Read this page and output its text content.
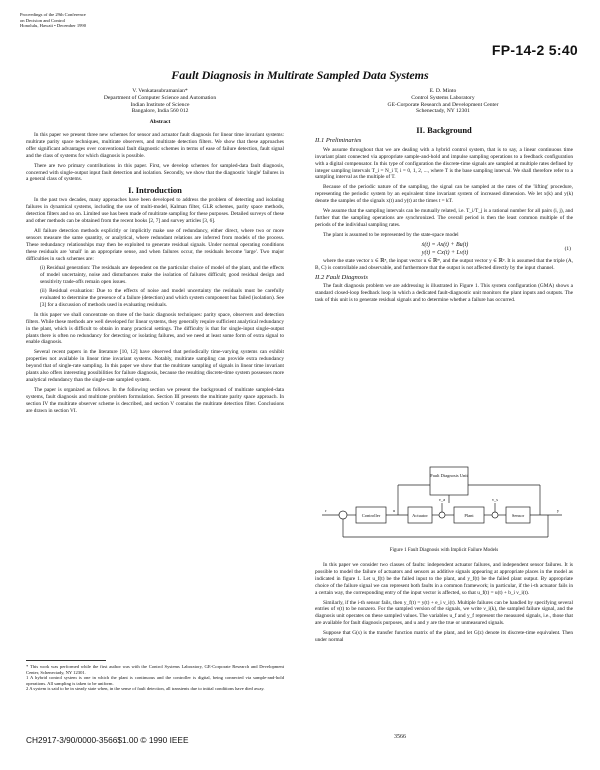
Proceedings of the 29th Conference
on Decision and Control
Honolulu, Hawaii • December 1990
FP-14-2 5:40
Fault Diagnosis in Multirate Sampled Data Systems
V. Venkatasubramanian*
Department of Computer Science and Automation
Indian Institute of Science
Bangalore, India 560 012
E. D. Minto
Control Systems Laboratory
GE-Corporate Research and Development Center
Schenectady, NY 12301
Abstract

In this paper we present three new schemes for sensor and actuator fault diagnosis for linear time invariant systems: multirate parity space techniques, multirate observers, and multirate detection filters. We show that these approaches offer significant advantages over conventional fault diagnostic schemes in terms of ease of failure detection, fault signal and the class of systems for which diagnosis is possible.

There are two primary contributions in this paper. First, we develop schemes for sampled-data fault diagnosis, concerned with single-output input fault detection and isolation. Secondly, we show that the diagnostic 'single' failures in a general class of systems.

I. Introduction

In the past two decades, many approaches have been developed to address the problem of detecting and isolating failures in dynamical systems, including the use of multi-model, Kalman filter, GLR schemes, parity space methods, detection filters and so on. Limited use has been made of multirate sampling for these purposes. Detailed surveys of these and other methods can be obtained from the recent books [2, 7] and survey articles [3, 6].

All failure detection methods explicitly or implicitly make use of redundancy, either direct, where two or more sensors measure the same quantity, or analytical, where redundant relations are inferred from models of the process. These redundancy relationships may then be exploited to generate residual signals. Under normal operating conditions these residuals are 'small' in an appropriate sense, and when failures occur, the residuals become 'large'. Two major difficulties in such schemes are:

(i) Residual generation: The residuals are dependent on the particular choice of model of the plant, and the effects of model uncertainty, noise and disturbances make the isolation of failures difficult; good residual design and sensitivity trade-offs remain open issues.
(ii) Residual evaluation: Due to the effects of noise and model uncertainty the residuals must be carefully evaluated to determine the presence of a failure (detection) and which system component has failed (isolation). See [3] for a discussion of methods used in evaluating residuals.

In this paper we shall concentrate on three of the basic diagnosis techniques: parity space, observers and detection filters. While these methods are well developed for linear systems, they generally require sufficient analytical redundancy in the plant, which is difficult to obtain in many practical settings. The difficulty is that for single-input single-output plants there is often no redundancy for detecting or isolating failures, and we need at least some form of extra signal to enable diagnosis.

Several recent papers in the literature [10, 12] have observed that periodically time-varying systems can exhibit properties not available in linear time invariant systems. Notably, multirate sampling can provide extra redundancy beyond that of single-rate sampling. In this paper we show that the multirate sampling of signals in linear time invariant plants also offers interesting possibilities for failure diagnosis, because the resulting discrete-time system possesses more analytical redundancy than the single-rate sampled system.

The paper is organized as follows. In the following section we present the background of multirate sampled-data systems, fault diagnosis and multirate problem formulation. Section III presents the multirate parity space approach. In section IV the multirate observer scheme is described, and section V contains the multirate detection filter. Conclusions are drawn in section VI.

* This work was performed while the first author was with the Control Systems Laboratory, GE-Corporate Research and Development Center, Schenectady, NY 12301.
1 A hybrid control system is one in which the plant is continuous and the controller is digital, being connected via sample-and-hold operations. All sampling is taken to be uniform.
2 A system is said to be in steady state when, in the sense of fault detection, all transients due to initial conditions have died away.
II. Background
II.1 Preliminaries

We assume throughout that we are dealing with a hybrid control system, that is to say, a linear continuous time invariant plant connected via appropriate sample-and-hold and impulse sampling operations to a feedback configuration with a digital compensator. In this type of configuration the discrete-time signals are sampled at multiple rates defined by integer sampling intervals T_i = N_i T, i = 0, 1, 2, ..., where T is the base sampling interval. We shall therefore refer to a sampling interval as the multiple of T.

Because of the periodic nature of the sampling, the signal can be sampled at the rates of the 'lifting' procedure, representing the periodic system by an equivalent time invariant system of increased dimension. We let x(k) and y(k) denote the samples of the signals x(t) and y(t) at the times t = kT.

We assume that the sampling intervals can be mutually related, i.e. T_i/T_j is a rational number for all pairs (i, j), and further that the sampling operations are synchronized. The overall period is then the least common multiple of the periods of the individual sampling rates.

The plant is assumed to be represented by the state-space model

ẋ(t) = Ax(t) + Bu(t)
y(t) = Cx(t) + Lν(t)
(1)

where the state vector x ∈ ℝⁿ, the input vector u ∈ ℝᵐ, and the output vector y ∈ ℝᵖ. It is assumed that the triple (A, B, C) is controllable and observable, and furthermore that the output is not affected directly by the input channel.

II.2 Fault Diagnosis

The fault diagnosis problem we are addressing is illustrated in Figure 1. This system configuration (GMA) shows a standard closed-loop feedback loop in which a dedicated fault-diagnostic unit monitors the plant inputs and outputs. The task of this unit is to generate residual signals and to determine whether a failure has occurred.

Fault Diagnosis Unit
Controller	Actuator	Plant	Sensor
ν_a	ν_s
r	u	y
Figure 1 Fault Diagnosis with Implicit Failure Models

In this paper we consider two classes of faults: independent actuator failures, and independent sensor failures. It is possible to model the failure of actuators and sensors as additive signals appearing at appropriate places in the model as indicated in figure 1. Let u_f(t) be the failed input to the plant, and y_f(t) be the failed plant output. By appropriate choice of the failure signal we can represent both faults in a common framework; in particular, if the i-th actuator fails in a certain way, the corresponding entry of the input vector is affected, so that u_f(t) = u(t) + b_i ν_i(t).

Similarly, if the i-th sensor fails, then y_f(t) = y(t) + e_i ν_i(t). Multiple failures can be handled by specifying several entries of ν(t) to be nonzero. For the sampled version of the signals, we write ν_i(k), the sampled failure signal, and the diagnosis unit operates on these sampled values. The variables u_f and y_f represent the measured signals, i.e., those that are available for fault diagnosis purposes, and u and y are the true or unmeasured signals.

Suppose that G(s) is the transfer function matrix of the plant, and let G(z) denote its discrete-time equivalent. Then under normal

CH2917-3/90/0000-3566$1.00 © 1990 IEEE	3566
